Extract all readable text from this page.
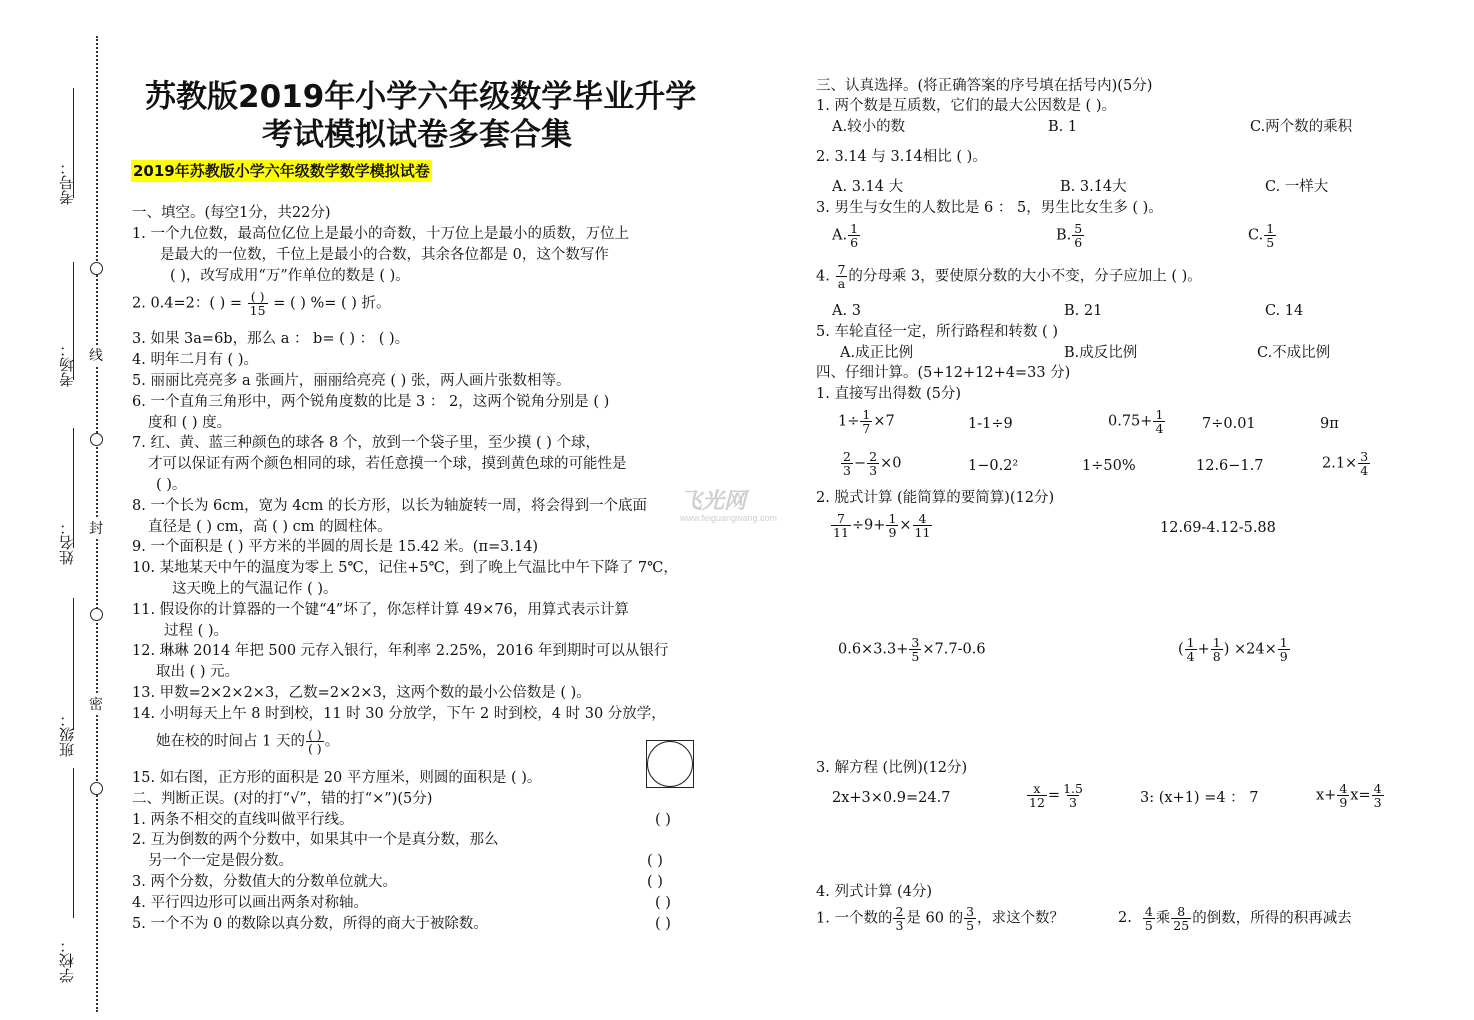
考号：
考场：
姓名：
班级：
学校：
线
封
密
苏教版2019年小学六年级数学毕业升学
考试模拟试卷多套合集
2019年苏教版小学六年级数学数学模拟试卷
一、填空。(每空1分，共22分)
1. 一个九位数，最高位亿位上是最小的奇数，十万位上是最小的质数，万位上
是最大的一位数，千位上是最小的合数，其余各位都是 0，这个数写作
( )，改写成用“万”作单位的数是 ( )。
2. 0.4=2：( ) = ( )
15 = ( ) %= ( ) 折。
3. 如果 3a=6b，那么 a ： b= ( ) ： ( )。
4. 明年二月有 ( )。
5. 丽丽比亮亮多 a 张画片，丽丽给亮亮 ( ) 张，两人画片张数相等。
6. 一个直角三角形中，两个锐角度数的比是 3 ： 2，这两个锐角分别是 ( )
度和 ( ) 度。
7. 红、黄、蓝三种颜色的球各 8 个，放到一个袋子里，至少摸 ( ) 个球，
才可以保证有两个颜色相同的球，若任意摸一个球，摸到黄色球的可能性是
( )。
8. 一个长为 6cm，宽为 4cm 的长方形，以长为轴旋转一周，将会得到一个底面
直径是 ( ) cm，高 ( ) cm 的圆柱体。
9. 一个面积是 ( ) 平方米的半圆的周长是 15.42 米。(π=3.14)
10. 某地某天中午的温度为零上 5℃，记住+5℃，到了晚上气温比中午下降了 7℃，
这天晚上的气温记作 ( )。
11. 假设你的计算器的一个键“4”坏了，你怎样计算 49×76，用算式表示计算
过程 ( )。
12. 琳琳 2014 年把 500 元存入银行，年利率 2.25%，2016 年到期时可以从银行
取出 ( ) 元。
13. 甲数=2×2×2×3，乙数=2×2×3，这两个数的最小公倍数是 ( )。
14. 小明每天上午 8 时到校，11 时 30 分放学，下午 2 时到校，4 时 30 分放学，
她在校的时间占 1 天的 ( )
( ) 。
15. 如右图，正方形的面积是 20 平方厘米，则圆的面积是 ( )。
二、判断正误。(对的打“√”，错的打“×”)(5分)
1. 两条不相交的直线叫做平行线。	( )
2. 互为倒数的两个分数中，如果其中一个是真分数，那么
另一个一定是假分数。	( )
3. 两个分数，分数值大的分数单位就大。	( )
4. 平行四边形可以画出两条对称轴。	( )
5. 一个不为 0 的数除以真分数，所得的商大于被除数。	( )
飞光网
www.feiguangwang.com
三、认真选择。(将正确答案的序号填在括号内)(5分)
1. 两个数是互质数，它们的最大公因数是 ( )。
A.较小的数	B. 1	C.两个数的乘积
2. 3.14̇ 与 3.1̇4̇相比 ( )。
A. 3.14̇ 大	B. 3.1̇4̇大	C. 一样大
3. 男生与女生的人数比是 6 ： 5，男生比女生多 ( )。
A. $\frac{1}{6}$	B. $\frac{5}{6}$	C. $\frac{1}{5}$
4. $\frac{7}{a}$ 的分母乘 3，要使原分数的大小不变，分子应加上 ( )。
A. 3	B. 21	C. 14
5. 车轮直径一定，所行路程和转数 ( )
A.成正比例	B.成反比例	C.不成比例
四、仔细计算。(5+12+12+4=33 分)
1. 直接写出得数 (5分)
$1\div \frac{1}{7} \times 7$	1-1÷9	$0.75+ \frac{1}{4}$	7÷0.01	9π
$\frac{2}{3} - \frac{2}{3} \times 0$	1−0.2²	1÷50%	12.6−1.7	$2.1\times \frac{3}{4}$
2. 脱式计算 (能简算的要简算)(12分)
$\frac{7}{11} \div 9+ \frac{1}{9} \times \frac{4}{11}$	12.69-4.12-5.88
$0.6\times 3.3+ \frac{3}{5} \times 7.7-0.6$	( $\frac{1}{4} + \frac{1}{8}$ ) $\times 24\times \frac{1}{9}$
3. 解方程 (比例)(12分)
2x+3×0.9=24.7	$\frac{x}{12} = \frac{1.5}{3}$	3: (x+1) =4 ： 7	$x+ \frac{4}{9} x= \frac{4}{3}$
4. 列式计算 (4分)
1. 一个数的 $\frac{2}{3}$ 是 60 的 $\frac{3}{5}$ ，求这个数？	2. $\frac{4}{5}$ 乘 $\frac{8}{25}$ 的倒数，所得的积再减去
